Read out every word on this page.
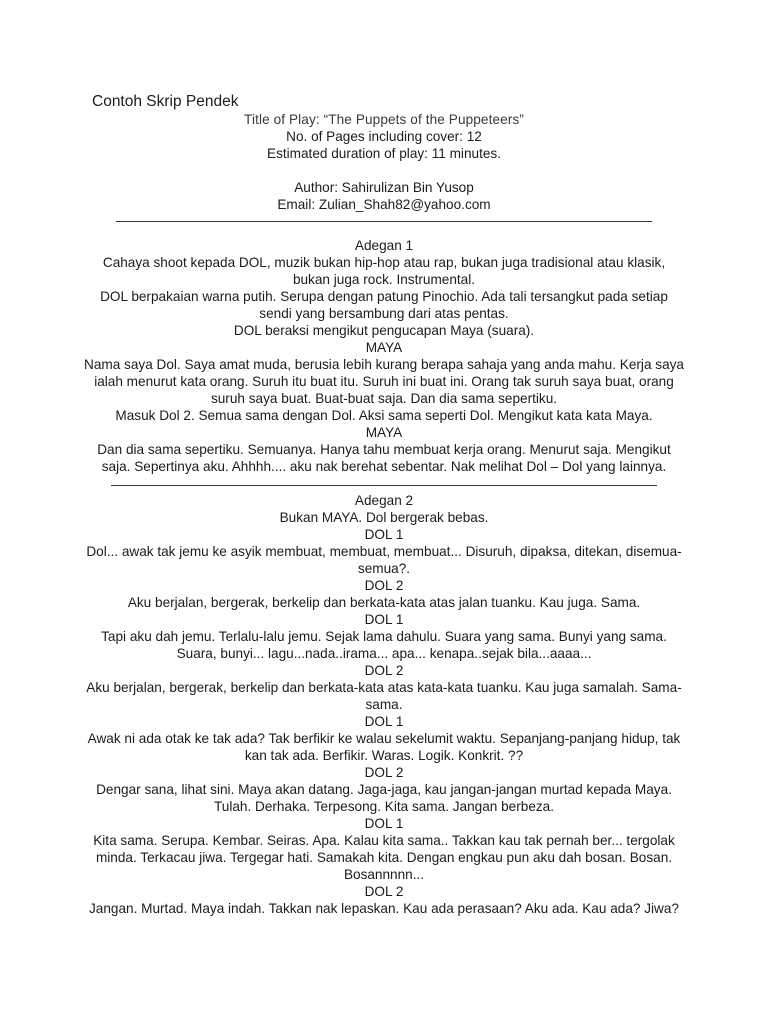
Contoh Skrip Pendek
Title of Play: “The Puppets of the Puppeteers”
No. of Pages including cover: 12
Estimated duration of play: 11 minutes.
Author: Sahirulizan Bin Yusop
Email: Zulian_Shah82@yahoo.com
Adegan 1
Cahaya shoot kepada DOL, muzik bukan hip-hop atau rap, bukan juga tradisional atau klasik, bukan juga rock. Instrumental.
DOL berpakaian warna putih. Serupa dengan patung Pinochio. Ada tali tersangkut pada setiap sendi yang bersambung dari atas pentas.
DOL beraksi mengikut pengucapan Maya (suara).
MAYA
Nama saya Dol. Saya amat muda, berusia lebih kurang berapa sahaja yang anda mahu. Kerja saya ialah menurut kata orang. Suruh itu buat itu. Suruh ini buat ini. Orang tak suruh saya buat, orang suruh saya buat. Buat-buat saja. Dan dia sama sepertiku.
Masuk Dol 2. Semua sama dengan Dol. Aksi sama seperti Dol. Mengikut kata kata Maya.
MAYA
Dan dia sama sepertiku. Semuanya. Hanya tahu membuat kerja orang. Menurut saja. Mengikut saja. Sepertinya aku. Ahhhh.... aku nak berehat sebentar. Nak melihat Dol – Dol yang lainnya.
Adegan 2
Bukan MAYA. Dol bergerak bebas.
DOL 1
Dol... awak tak jemu ke asyik membuat, membuat, membuat... Disuruh, dipaksa, ditekan, disemua-semua?.
DOL 2
Aku berjalan, bergerak, berkelip dan berkata-kata atas jalan tuanku. Kau juga. Sama.
DOL 1
Tapi aku dah jemu. Terlalu-lalu jemu. Sejak lama dahulu. Suara yang sama. Bunyi yang sama. Suara, bunyi... lagu...nada..irama... apa... kenapa..sejak bila...aaaa...
DOL 2
Aku berjalan, bergerak, berkelip dan berkata-kata atas kata-kata tuanku. Kau juga samalah. Sama-sama.
DOL 1
Awak ni ada otak ke tak ada? Tak berfikir ke walau sekelumit waktu. Sepanjang-panjang hidup, tak kan tak ada. Berfikir. Waras. Logik. Konkrit. ??
DOL 2
Dengar sana, lihat sini. Maya akan datang. Jaga-jaga, kau jangan-jangan murtad kepada Maya. Tulah. Derhaka. Terpesong. Kita sama. Jangan berbeza.
DOL 1
Kita sama. Serupa. Kembar. Seiras. Apa. Kalau kita sama.. Takkan kau tak pernah ber... tergolak minda. Terkacau jiwa. Tergegar hati. Samakah kita. Dengan engkau pun aku dah bosan. Bosan. Bosannnnn...
DOL 2
Jangan. Murtad. Maya indah. Takkan nak lepaskan. Kau ada perasaan? Aku ada. Kau ada? Jiwa?
